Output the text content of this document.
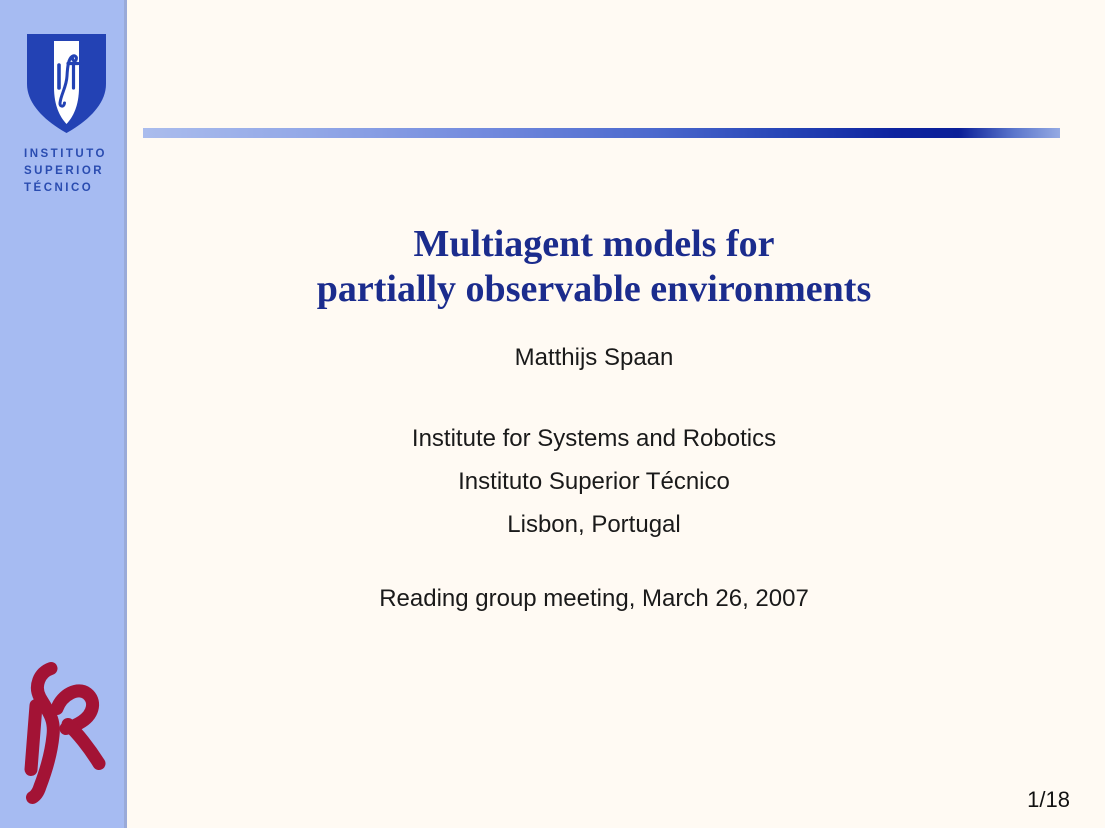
INSTITUTO
SUPERIOR
TÉCNICO
Multiagent models for
partially observable environments
Matthijs Spaan
Institute for Systems and Robotics
Instituto Superior Técnico
Lisbon, Portugal
Reading group meeting, March 26, 2007
1/18
